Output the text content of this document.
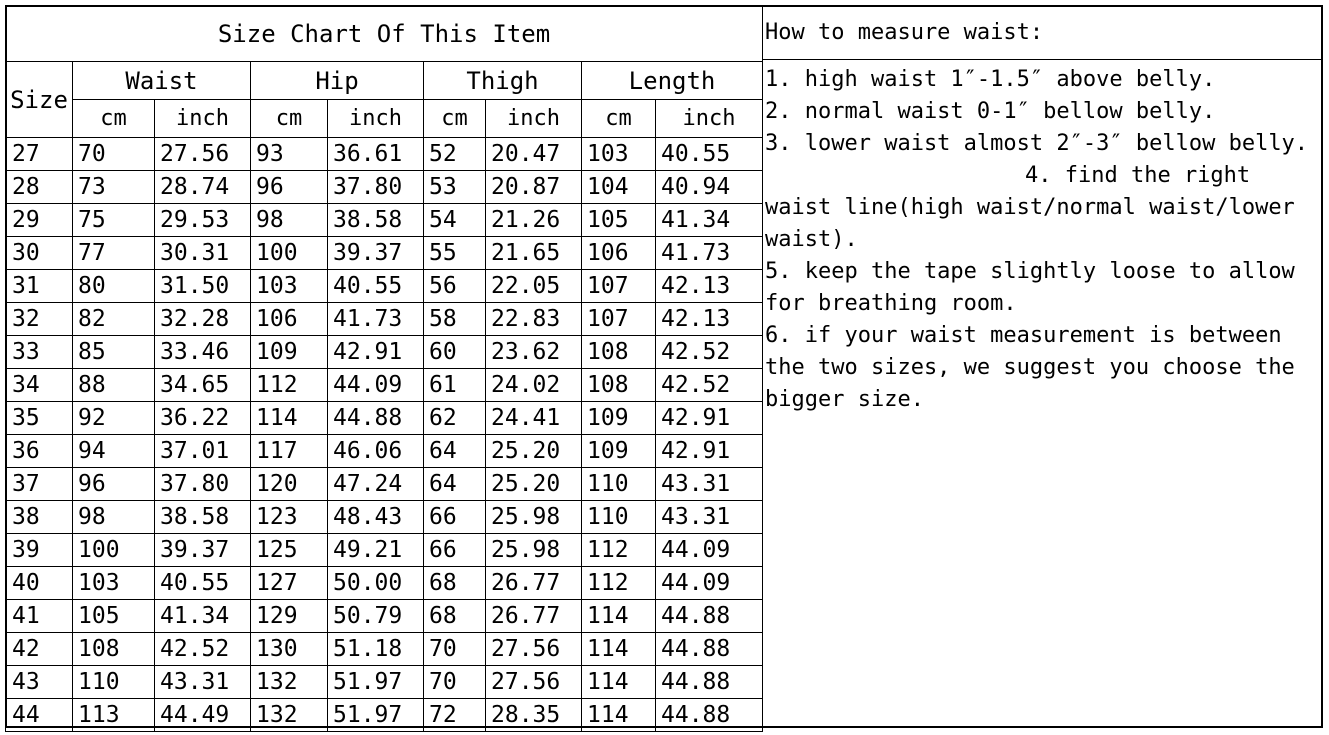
Size Chart Of This Item								
Size	Waist		Hip		Thigh		Length	
	cm	inch	cm	inch	cm	inch	cm	inch
27	70	27.56	93	36.61	52	20.47	103	40.55
28	73	28.74	96	37.80	53	20.87	104	40.94
29	75	29.53	98	38.58	54	21.26	105	41.34
30	77	30.31	100	39.37	55	21.65	106	41.73
31	80	31.50	103	40.55	56	22.05	107	42.13
32	82	32.28	106	41.73	58	22.83	107	42.13
33	85	33.46	109	42.91	60	23.62	108	42.52
34	88	34.65	112	44.09	61	24.02	108	42.52
35	92	36.22	114	44.88	62	24.41	109	42.91
36	94	37.01	117	46.06	64	25.20	109	42.91
37	96	37.80	120	47.24	64	25.20	110	43.31
38	98	38.58	123	48.43	66	25.98	110	43.31
39	100	39.37	125	49.21	66	25.98	112	44.09
40	103	40.55	127	50.00	68	26.77	112	44.09
41	105	41.34	129	50.79	68	26.77	114	44.88
42	108	42.52	130	51.18	70	27.56	114	44.88
43	110	43.31	132	51.97	70	27.56	114	44.88
44	113	44.49	132	51.97	72	28.35	114	44.88
How to measure waist:

1. high waist 1″-1.5″ above belly.

2. normal waist 0-1″ bellow belly.

3. lower waist almost 2″-3″ bellow belly.4. find the right waist line(high waist/normal waist/lower waist).

5. keep the tape slightly loose to allow for breathing room.

6. if your waist measurement is between the two sizes, we suggest you choose the bigger size.
